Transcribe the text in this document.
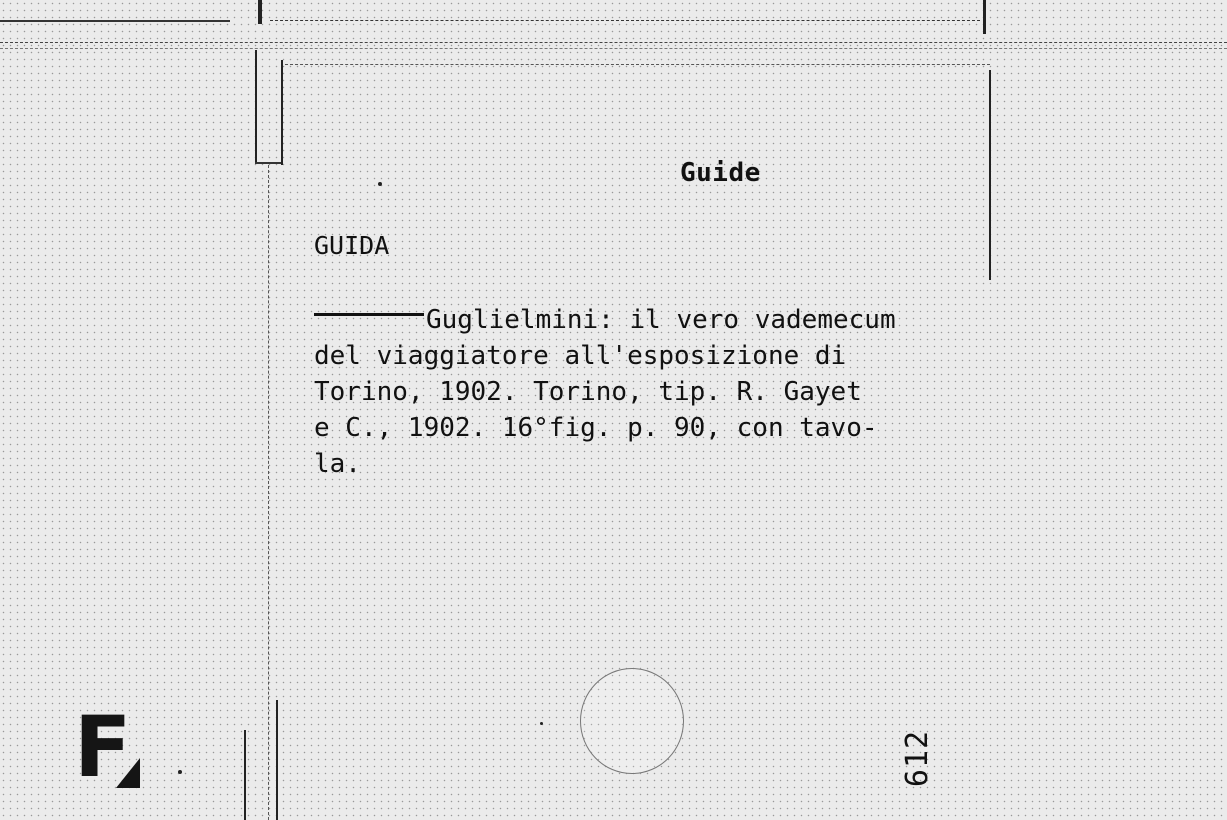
Guide
GUIDA
Guglielmini: il vero vademecum
del viaggiatore all'esposizione di
Torino, 1902. Torino, tip. R. Gayet
e C., 1902. 16°fig. p. 90, con tavo-
la.
F	612
